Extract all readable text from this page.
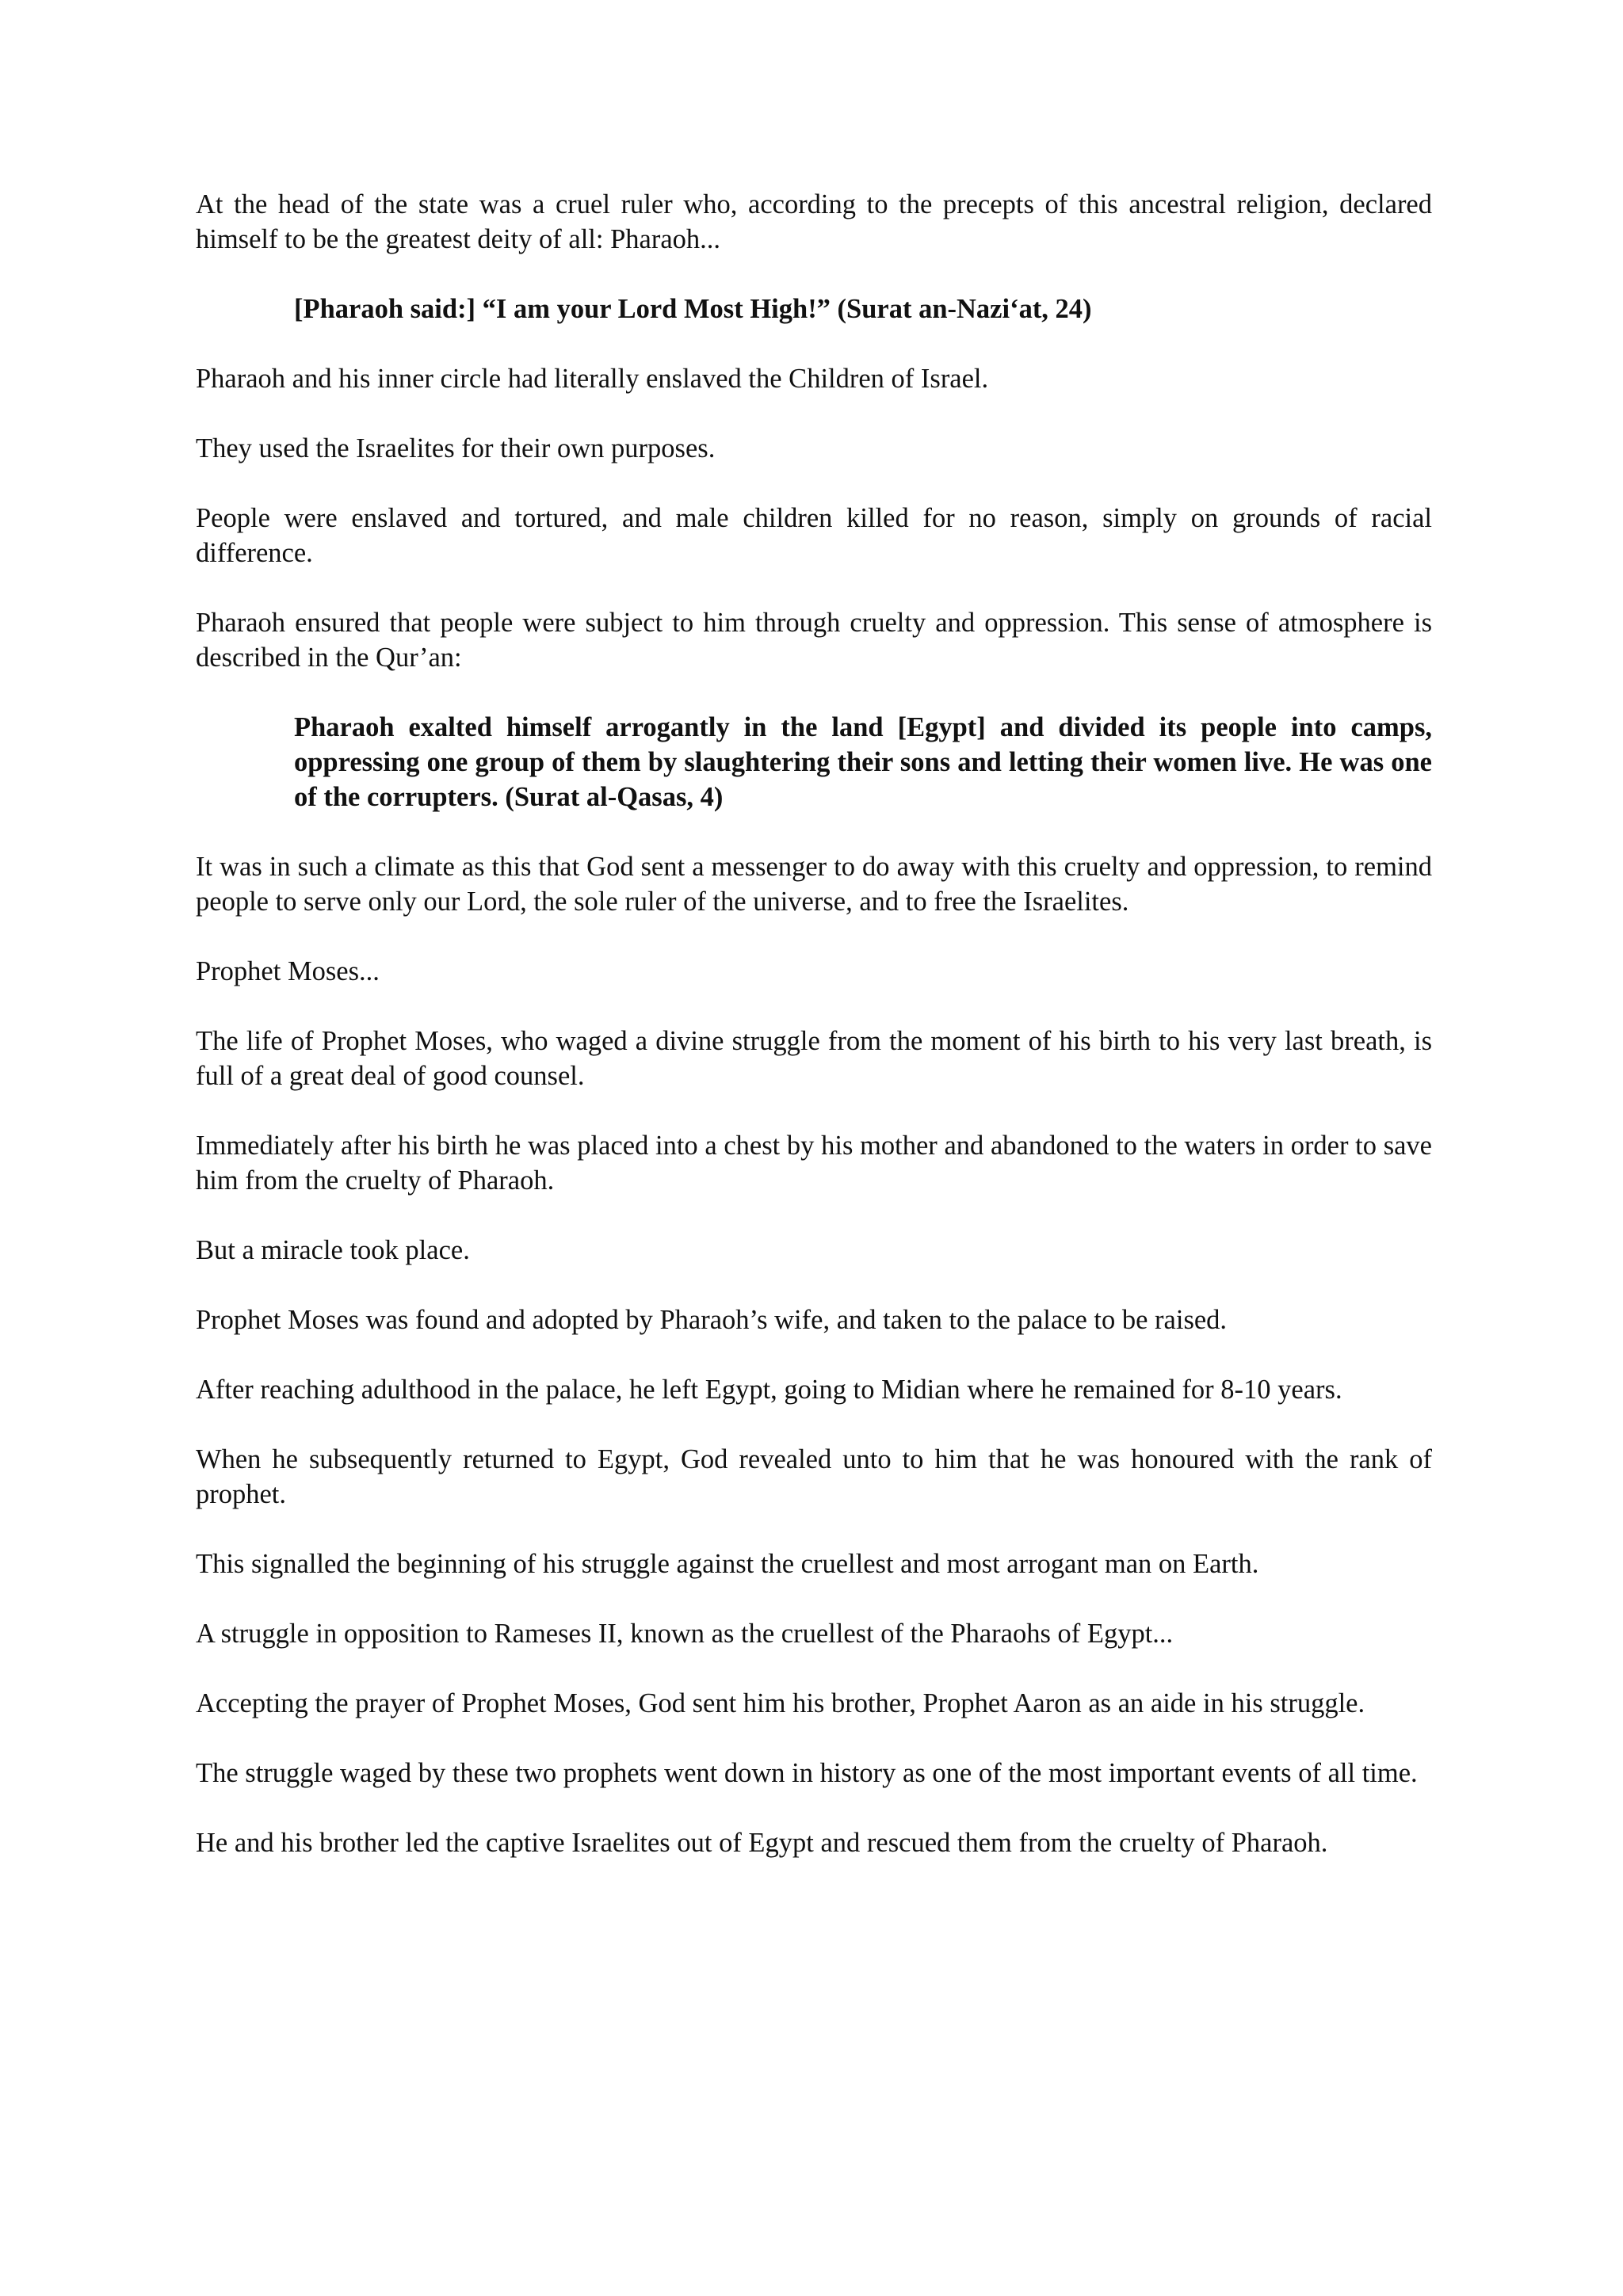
At the head of the state was a cruel ruler who, according to the precepts of this ancestral religion, declared himself to be the greatest deity of all: Pharaoh...

[Pharaoh said:] “I am your Lord Most High!” (Surat an-Nazi‘at, 24)

Pharaoh and his inner circle had literally enslaved the Children of Israel.

They used the Israelites for their own purposes.

People were enslaved and tortured, and male children killed for no reason, simply on grounds of racial difference.

Pharaoh ensured that people were subject to him through cruelty and oppression. This sense of atmosphere is described in the Qur’an:

Pharaoh exalted himself arrogantly in the land [Egypt] and divided its people into camps, oppressing one group of them by slaughtering their sons and letting their women live. He was one of the corrupters. (Surat al-Qasas, 4)

It was in such a climate as this that God sent a messenger to do away with this cruelty and oppression, to remind people to serve only our Lord, the sole ruler of the universe, and to free the Israelites.

Prophet Moses...

The life of Prophet Moses, who waged a divine struggle from the moment of his birth to his very last breath, is full of a great deal of good counsel.

Immediately after his birth he was placed into a chest by his mother and abandoned to the waters in order to save him from the cruelty of Pharaoh.

But a miracle took place.

Prophet Moses was found and adopted by Pharaoh’s wife, and taken to the palace to be raised.

After reaching adulthood in the palace, he left Egypt, going to Midian where he remained for 8-10 years.

When he subsequently returned to Egypt, God revealed unto to him that he was honoured with the rank of prophet.

This signalled the beginning of his struggle against the cruellest and most arrogant man on Earth.

A struggle in opposition to Rameses II, known as the cruellest of the Pharaohs of Egypt...

Accepting the prayer of Prophet Moses, God sent him his brother, Prophet Aaron as an aide in his struggle.

The struggle waged by these two prophets went down in history as one of the most important events of all time.

He and his brother led the captive Israelites out of Egypt and rescued them from the cruelty of Pharaoh.
